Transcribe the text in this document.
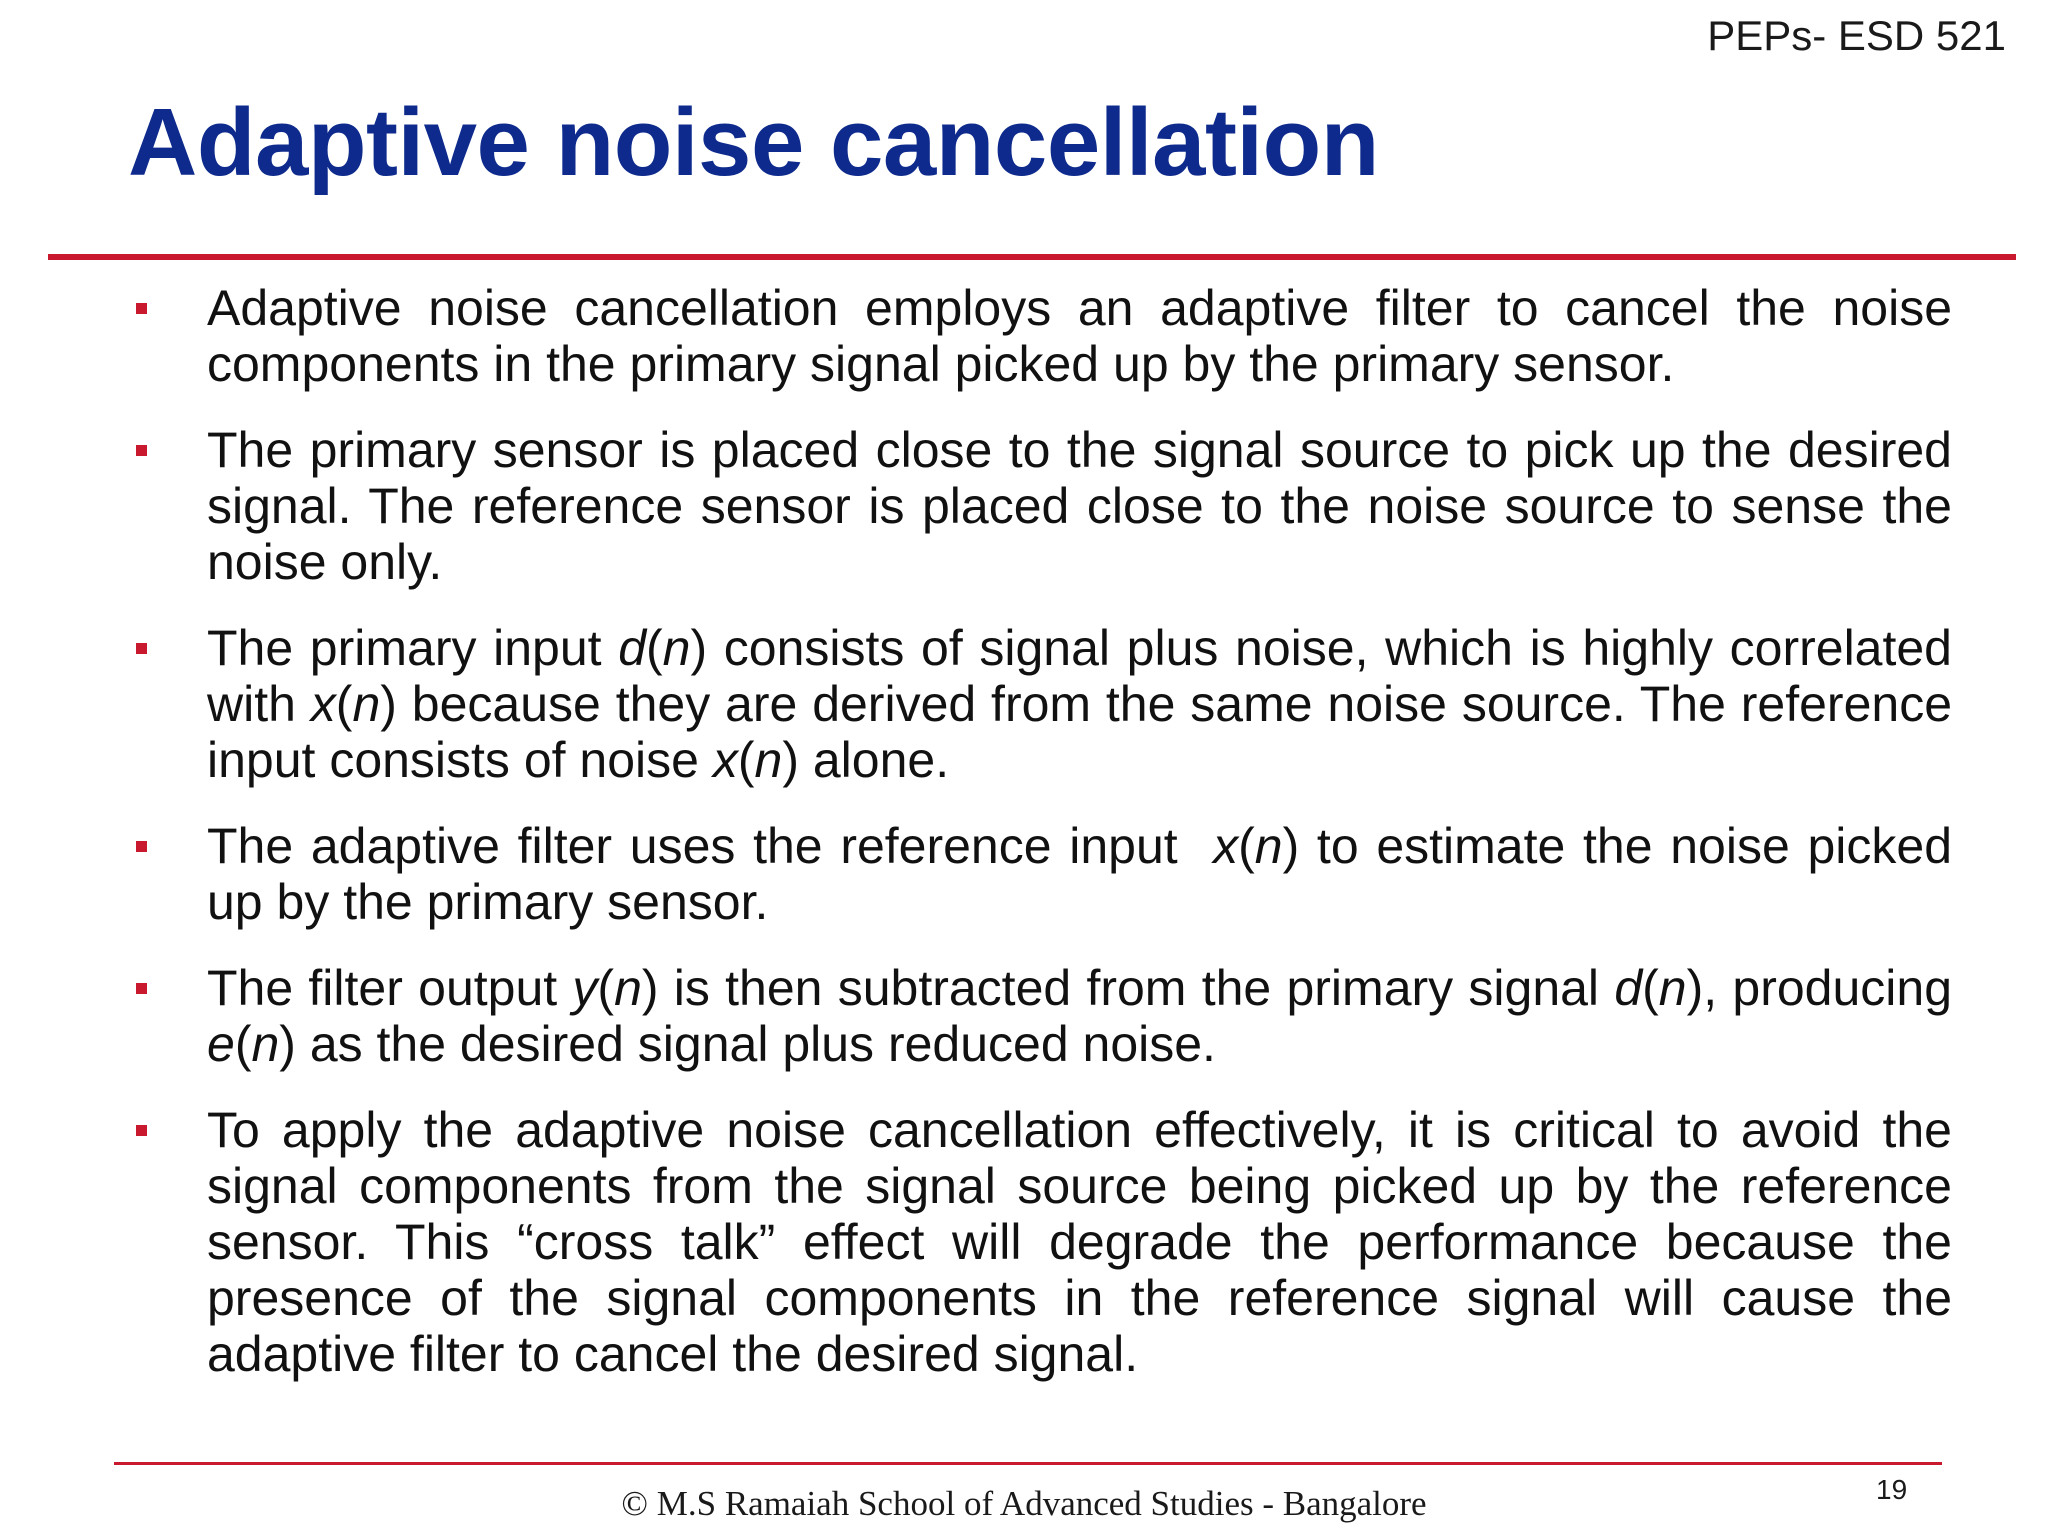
PEPs- ESD 521
Adaptive noise cancellation
Adaptive noise cancellation employs an adaptive filter to cancel the noise components in the primary signal picked up by the primary sensor.
The primary sensor is placed close to the signal source to pick up the desired signal. The reference sensor is placed close to the noise source to sense the noise only.
The primary input d(n) consists of signal plus noise, which is highly correlated with x(n) because they are derived from the same noise source. The reference input consists of noise x(n) alone.
The adaptive filter uses the reference input  x(n) to estimate the noise picked up by the primary sensor.
The filter output y(n) is then subtracted from the primary signal d(n), producing e(n) as the desired signal plus reduced noise.
To apply the adaptive noise cancellation effectively, it is critical to avoid the signal components from the signal source being picked up by the reference sensor. This “cross talk” effect will degrade the performance because the presence of the signal components in the reference signal will cause the adaptive filter to cancel the desired signal.
© M.S Ramaiah School of Advanced Studies - Bangalore	19
